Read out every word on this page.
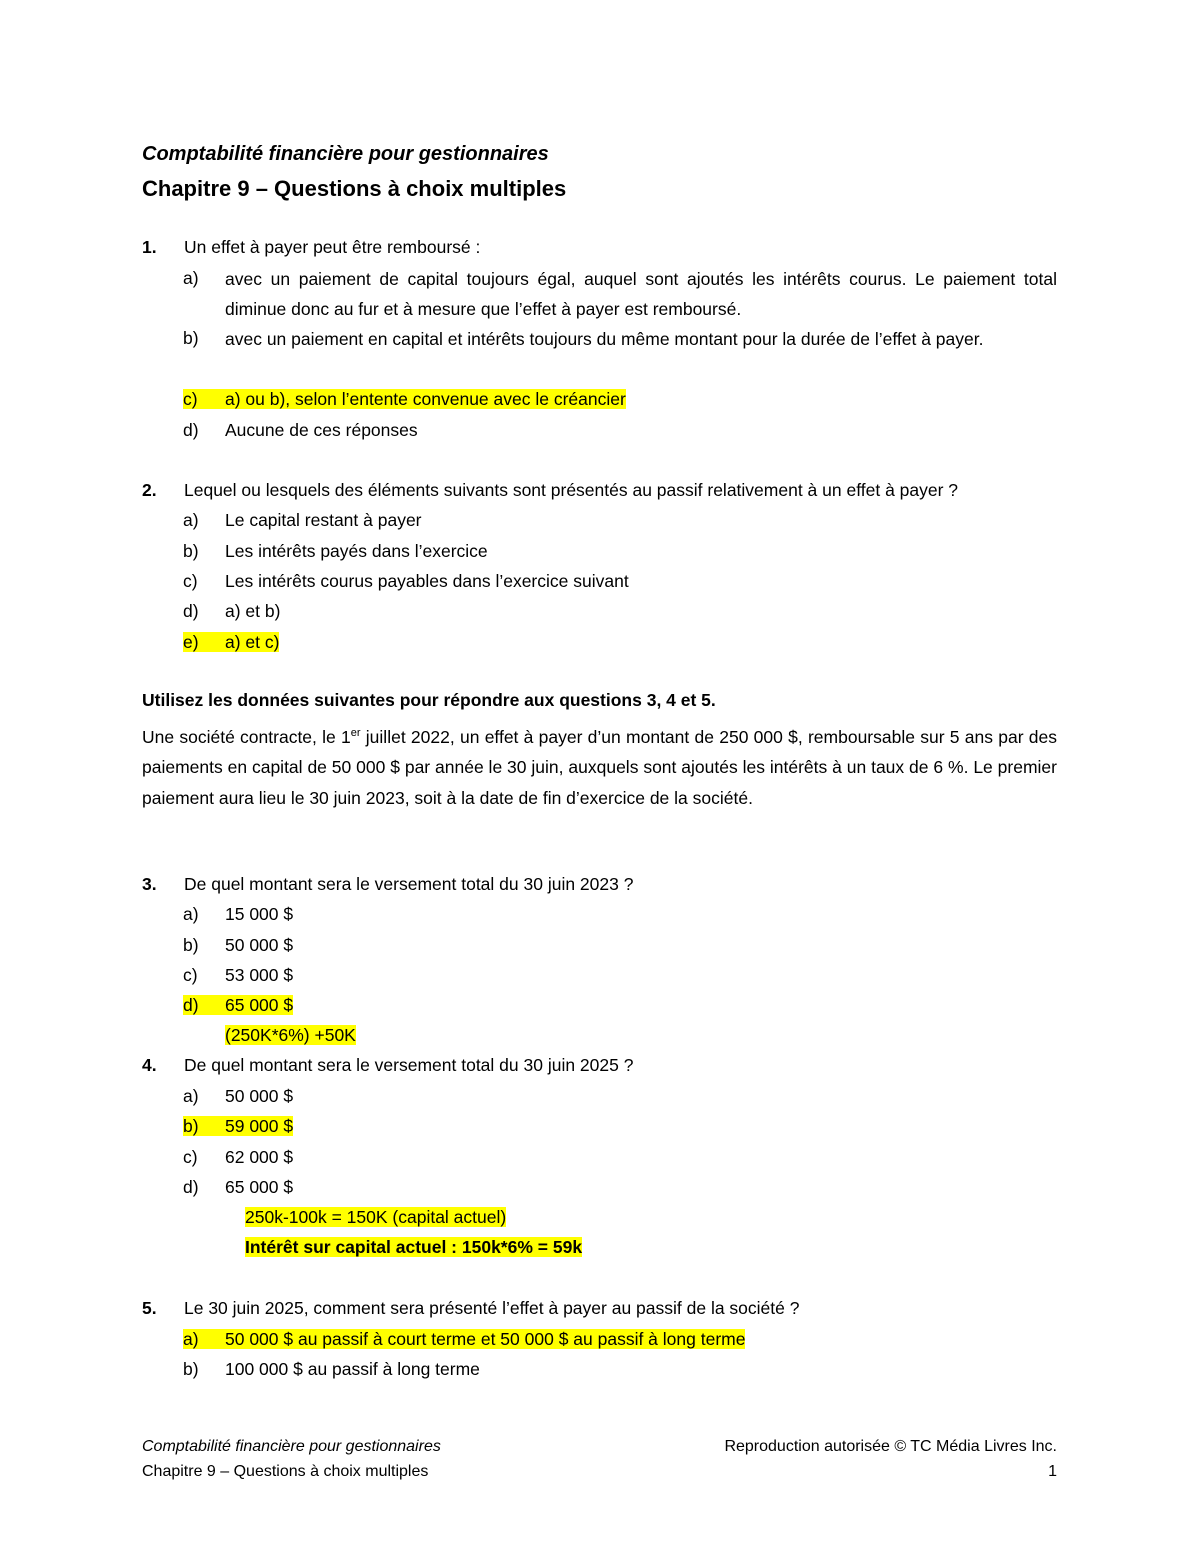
Comptabilité financière pour gestionnaires
Chapitre 9 – Questions à choix multiples
1. Un effet à payer peut être remboursé :
a)	avec un paiement de capital toujours égal, auquel sont ajoutés les intérêts courus. Le paiement total diminue donc au fur et à mesure que l’effet à payer est remboursé.
b)	avec un paiement en capital et intérêts toujours du même montant pour la durée de l’effet à payer.
c) a) ou b), selon l’entente convenue avec le créancier
d) Aucune de ces réponses
2. Lequel ou lesquels des éléments suivants sont présentés au passif relativement à un effet à payer ?
a) Le capital restant à payer
b) Les intérêts payés dans l’exercice
c) Les intérêts courus payables dans l’exercice suivant
d) a) et b)
e) a) et c)
Utilisez les données suivantes pour répondre aux questions 3, 4 et 5.
Une société contracte, le 1er juillet 2022, un effet à payer d’un montant de 250 000 $, remboursable sur 5 ans par des paiements en capital de 50 000 $ par année le 30 juin, auxquels sont ajoutés les intérêts à un taux de 6 %. Le premier paiement aura lieu le 30 juin 2023, soit à la date de fin d’exercice de la société.
3. De quel montant sera le versement total du 30 juin 2023 ?
a) 15 000 $
b) 50 000 $
c) 53 000 $
d) 65 000 $
(250K*6%) +50K
4. De quel montant sera le versement total du 30 juin 2025 ?
a) 50 000 $
b) 59 000 $
c) 62 000 $
d) 65 000 $
250k-100k = 150K (capital actuel)
Intérêt sur capital actuel : 150k*6% = 59k
5. Le 30 juin 2025, comment sera présenté l’effet à payer au passif de la société ?
a) 50 000 $ au passif à court terme et 50 000 $ au passif à long terme
b) 100 000 $ au passif à long terme
Comptabilité financière pour gestionnaires
Chapitre 9 – Questions à choix multiples
Reproduction autorisée © TC Média Livres Inc.
1
